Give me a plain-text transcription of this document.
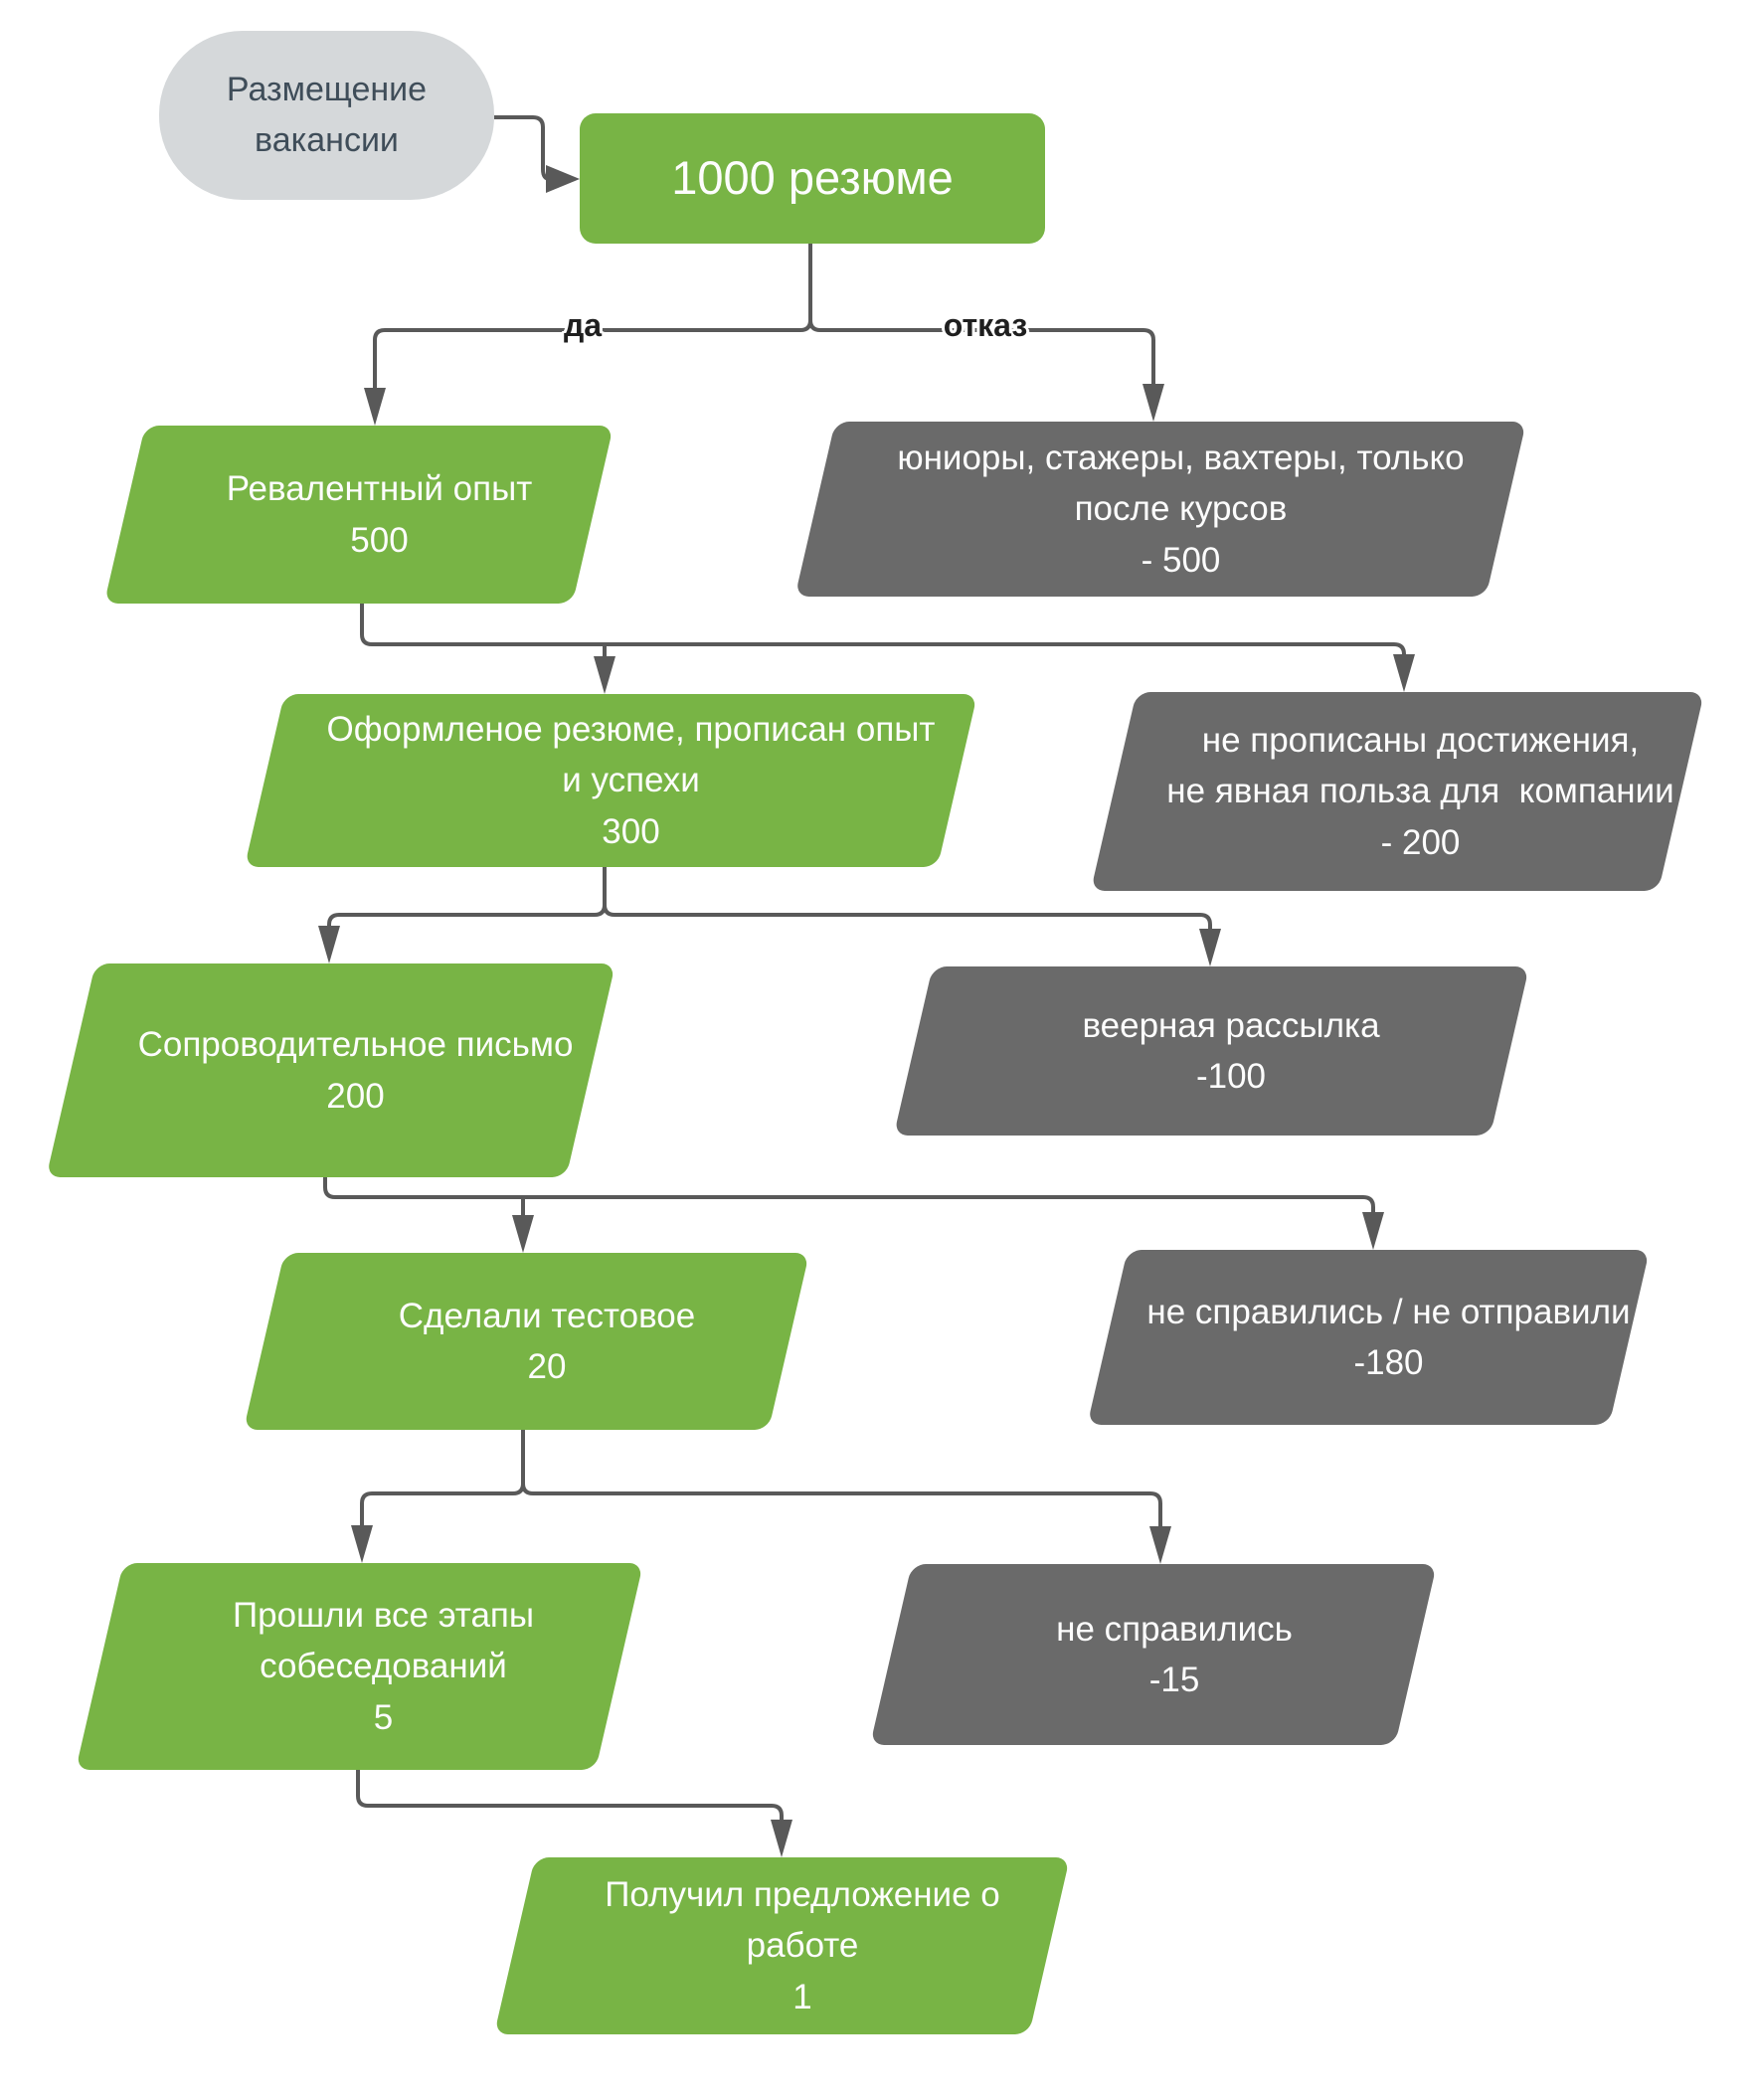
да	отказ
Размещение
вакансии
1000 резюме
Ревалентный опыт
500
юниоры, стажеры, вахтеры, только
после курсов
- 500
Оформленое резюме, прописан опыт
и успехи
300
не прописаны достижения,
не явная польза для  компании
- 200
Сопроводительное письмо
200
веерная рассылка
-100
Сделали тестовое
20
не справились / не отправили
-180
Прошли все этапы
собеседований
5
не справились
-15
Получил предложение о
работе
1
